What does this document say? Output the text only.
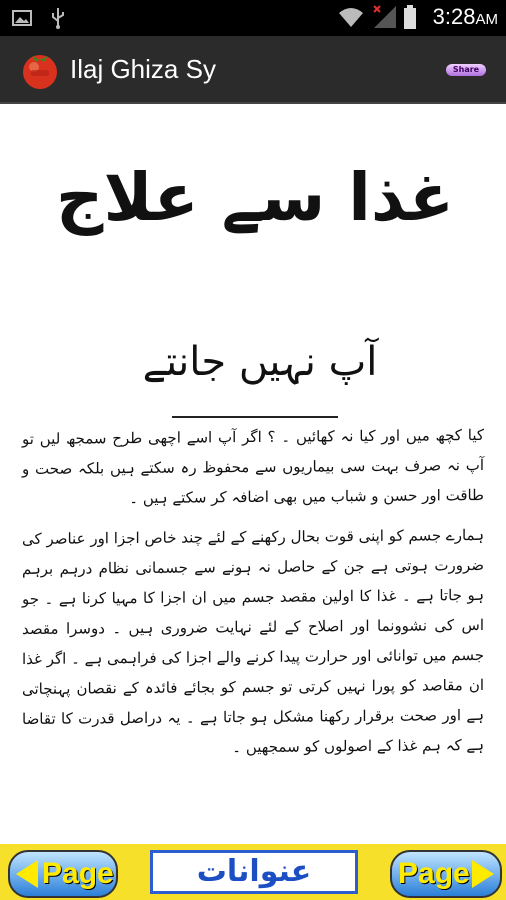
3:28AM
Ilaj Ghiza Sy	Share
غذا سے علاج
آپ نہیں جانتے
کیا کچھ میں اور کیا نہ کھائیں ۔ ؟ اگر آپ اسے اچھی طرح سمجھ لیں تو آپ نہ صرف بہت سی بیماریوں سے محفوظ رہ سکتے ہیں بلکہ صحت و طاقت اور حسن و شباب میں بھی اضافہ کر سکتے ہیں ۔
ہمارے جسم کو اپنی قوت بحال رکھنے کے لئے چند خاص اجزا اور عناصر کی ضرورت ہوتی ہے جن کے حاصل نہ ہونے سے جسمانی نظام درہم برہم ہو جاتا ہے ۔ غذا کا اولین مقصد جسم میں ان اجزا کا مہیا کرنا ہے ۔ جو اس کی نشوونما اور اصلاح کے لئے نہایت ضروری ہیں ۔ دوسرا مقصد جسم میں توانائی اور حرارت پیدا کرنے والے اجزا کی فراہمی ہے ۔ اگر غذا ان مقاصد کو پورا نہیں کرتی تو جسم کو بجائے فائدہ کے نقصان پہنچاتی ہے اور صحت برقرار رکھنا مشکل ہو جاتا ہے ۔ یہ دراصل قدرت کا تقاضا ہے کہ ہم غذا کے اصولوں کو سمجھیں ۔
Page	عنوانات	Page
